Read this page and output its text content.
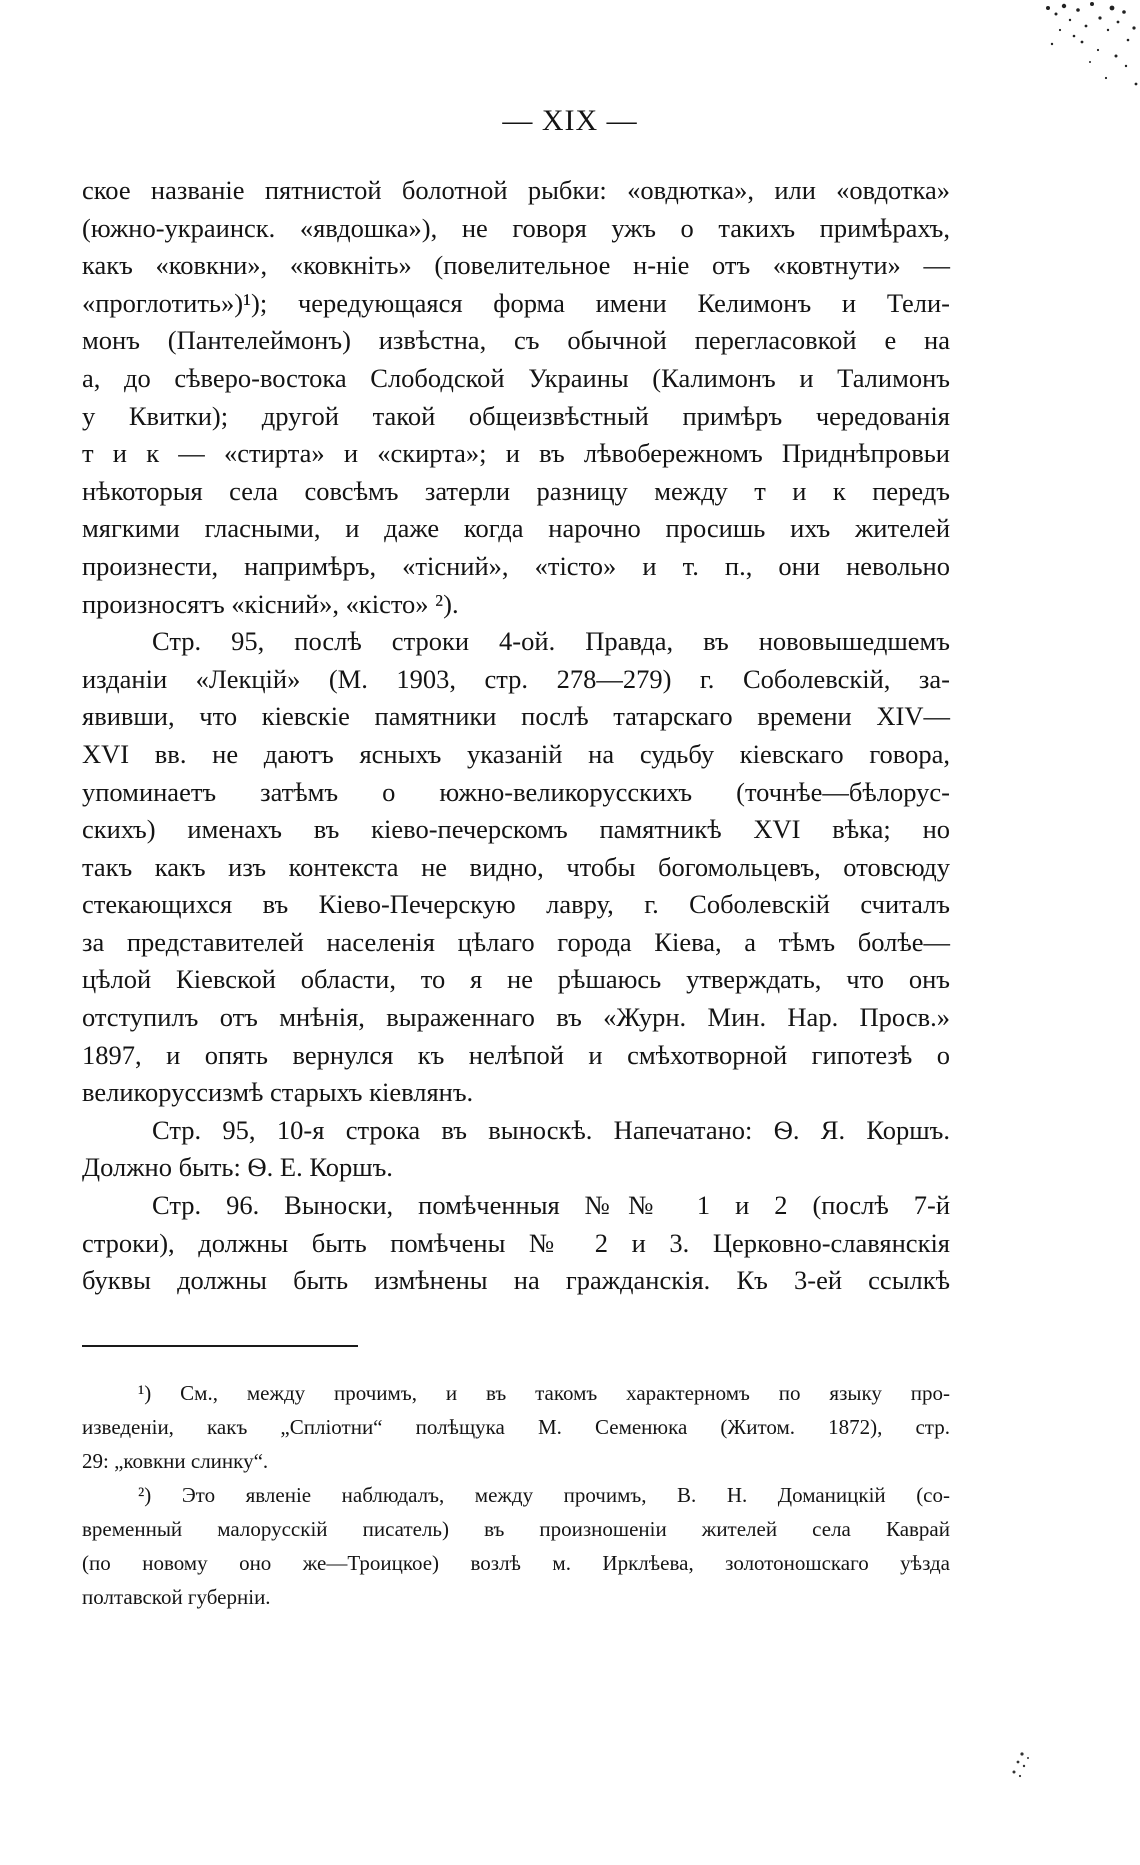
— XIX —
ское названіе пятнистой болотной рыбки: «овдютка», или «овдотка»
(южно-украинск. «явдошка»), не говоря ужъ о такихъ примѣрахъ,
какъ «ковкни», «ковкніть» (повелительное н-ніе отъ «ковтнути» —
«проглотить»)¹); чередующаяся форма имени Келимонъ и Тели-
монъ (Пантелеймонъ) извѣстна, съ обычной перегласовкой е на
а, до сѣверо-востока Слободской Украины (Калимонъ и Талимонъ
у Квитки); другой такой общеизвѣстный примѣръ чередованія
т и к — «стирта» и «скирта»; и въ лѣвобережномъ Приднѣпровьи
нѣкоторыя села совсѣмъ затерли разницу между т и к передъ
мягкими гласными, и даже когда нарочно просишь ихъ жителей
произнести, напримѣръ, «тісний», «тісто» и т. п., они невольно
произносятъ «кісний», «кісто» ²).
Стр. 95, послѣ строки 4-ой. Правда, въ нововышедшемъ
изданіи «Лекцій» (М. 1903, стр. 278—279) г. Соболевскій, за-
явивши, что кіевскіе памятники послѣ татарскаго времени XIV—
XVI вв. не даютъ ясныхъ указаній на судьбу кіевскаго говора,
упоминаетъ затѣмъ о южно-великорусскихъ (точнѣе—бѣлорус-
скихъ) именахъ въ кіево-печерскомъ памятникѣ XVI вѣка; но
такъ какъ изъ контекста не видно, чтобы богомольцевъ, отовсюду
стекающихся въ Кіево-Печерскую лавру, г. Соболевскій считалъ
за представителей населенія цѣлаго города Кіева, а тѣмъ болѣе—
цѣлой Кіевской области, то я не рѣшаюсь утверждать, что онъ
отступилъ отъ мнѣнія, выраженнаго въ «Журн. Мин. Нар. Просв.»
1897, и опять вернулся къ нелѣпой и смѣхотворной гипотезѣ о
великоруссизмѣ старыхъ кіевлянъ.
Стр. 95, 10-я строка въ выноскѣ. Напечатано: Ѳ. Я. Коршъ.
Должно быть: Ѳ. Е. Коршъ.
Стр. 96. Выноски, помѣченныя №№ 1 и 2 (послѣ 7-й
строки), должны быть помѣчены № 2 и 3. Церковно-славянскія
буквы должны быть измѣнены на гражданскія. Къ 3-ей ссылкѣ
¹) См., между прочимъ, и въ такомъ характерномъ по языку про-
изведеніи, какъ „Сплiотни“ полѣщука М. Семенюка (Житом. 1872), стр.
29: „ковкни слинку“.
²) Это явленіе наблюдалъ, между прочимъ, В. Н. Доманицкій (со-
временный малорусскій писатель) въ произношеніи жителей села Каврай
(по новому оно же—Троицкое) возлѣ м. Ирклѣева, золотоношскаго уѣзда
полтавской губерніи.
